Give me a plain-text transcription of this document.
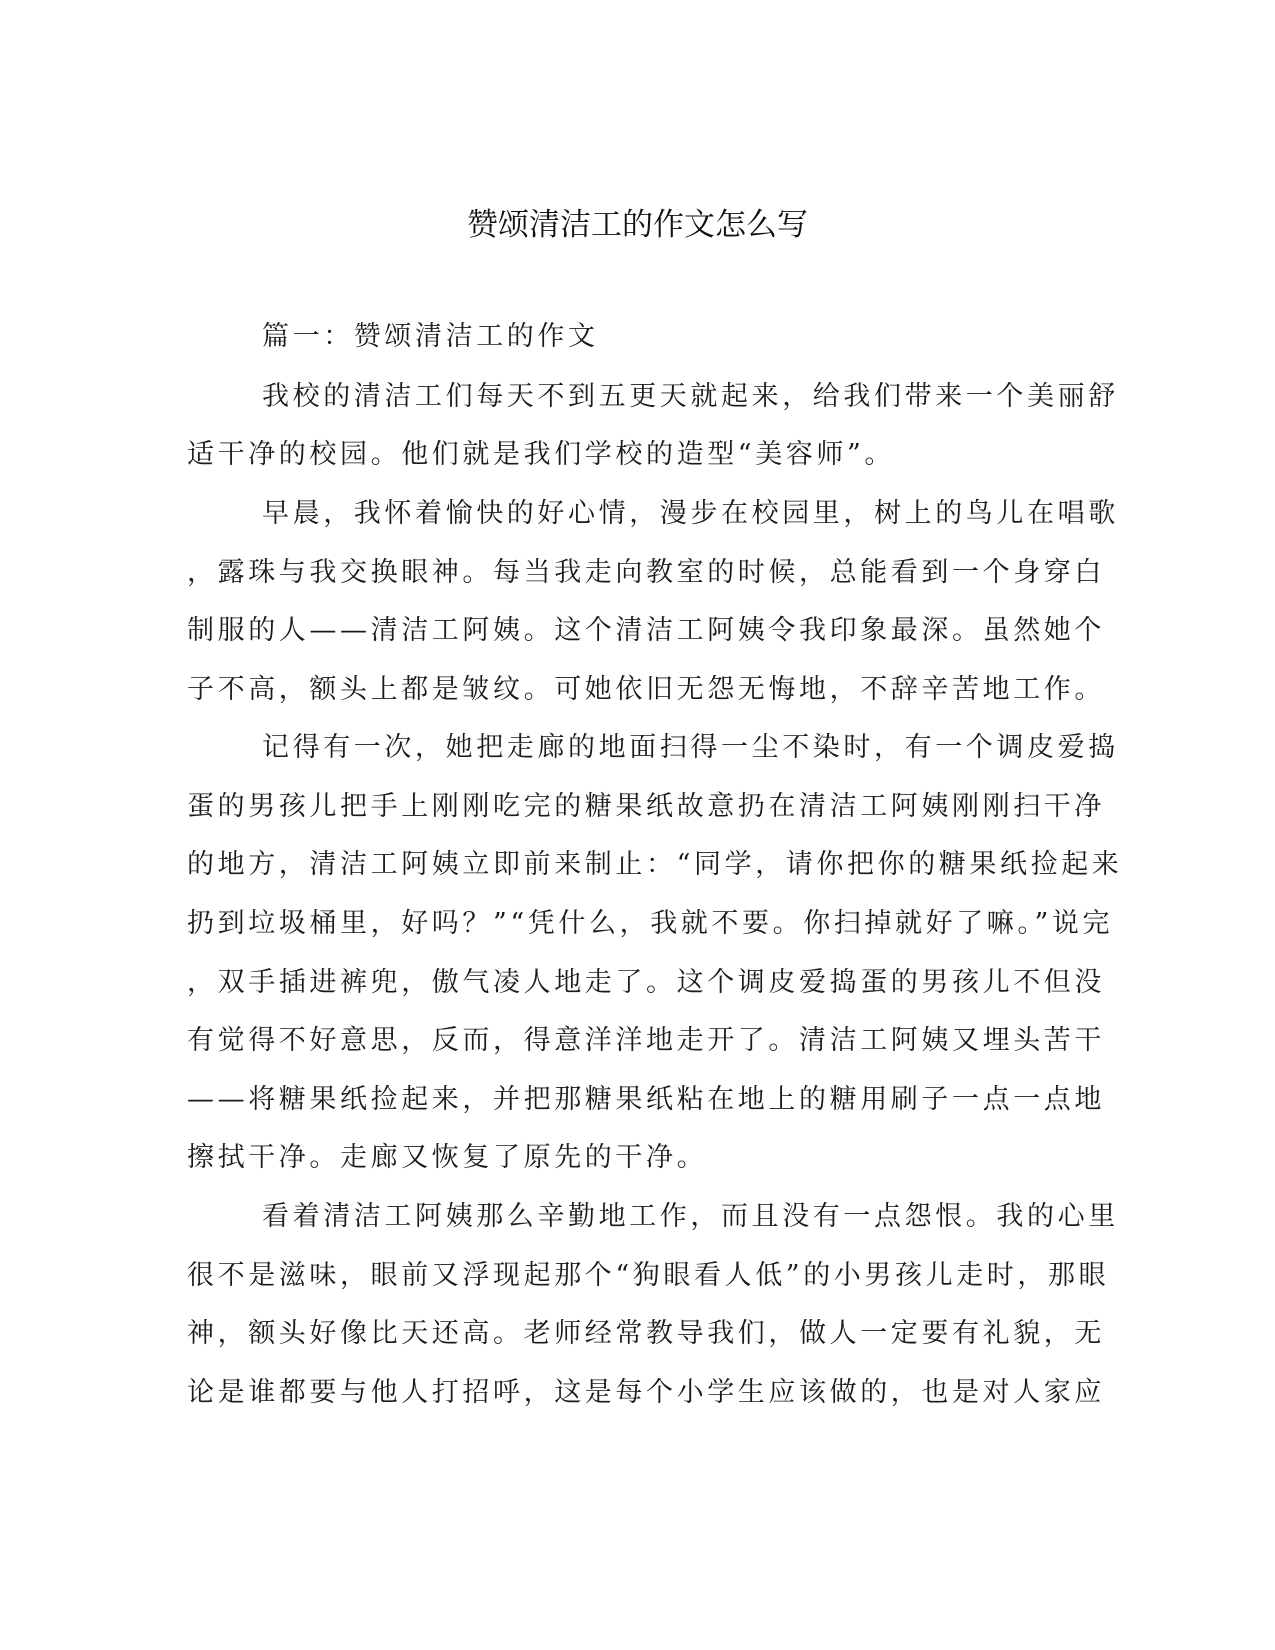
赞颂清洁工的作文怎么写
篇一：赞颂清洁工的作文
我校的清洁工们每天不到五更天就起来，给我们带来一个美丽舒
适干净的校园。他们就是我们学校的造型“美容师”。
早晨，我怀着愉快的好心情，漫步在校园里，树上的鸟儿在唱歌
，露珠与我交换眼神。每当我走向教室的时候，总能看到一个身穿白
制服的人——清洁工阿姨。这个清洁工阿姨令我印象最深。虽然她个
子不高，额头上都是皱纹。可她依旧无怨无悔地，不辞辛苦地工作。
记得有一次，她把走廊的地面扫得一尘不染时，有一个调皮爱捣
蛋的男孩儿把手上刚刚吃完的糖果纸故意扔在清洁工阿姨刚刚扫干净
的地方，清洁工阿姨立即前来制止：“同学，请你把你的糖果纸捡起来
扔到垃圾桶里，好吗？”“凭什么，我就不要。你扫掉就好了嘛。”说完
，双手插进裤兜，傲气凌人地走了。这个调皮爱捣蛋的男孩儿不但没
有觉得不好意思，反而，得意洋洋地走开了。清洁工阿姨又埋头苦干
——将糖果纸捡起来，并把那糖果纸粘在地上的糖用刷子一点一点地
擦拭干净。走廊又恢复了原先的干净。
看着清洁工阿姨那么辛勤地工作，而且没有一点怨恨。我的心里
很不是滋味，眼前又浮现起那个“狗眼看人低”的小男孩儿走时，那眼
神，额头好像比天还高。老师经常教导我们，做人一定要有礼貌，无
论是谁都要与他人打招呼，这是每个小学生应该做的，也是对人家应
